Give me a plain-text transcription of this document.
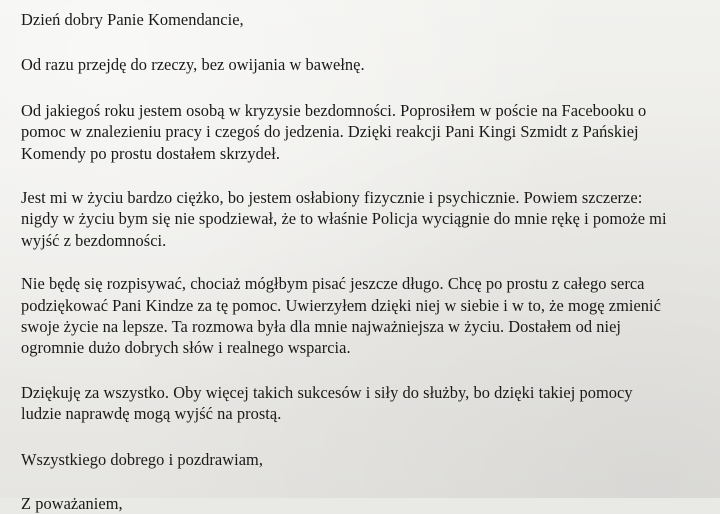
Dzień dobry Panie Komendancie,

Od razu przejdę do rzeczy, bez owijania w bawełnę.

Od jakiegoś roku jestem osobą w kryzysie bezdomności. Poprosiłem w poście na Facebooku o
pomoc w znalezieniu pracy i czegoś do jedzenia. Dzięki reakcji Pani Kingi Szmidt z Pańskiej
Komendy po prostu dostałem skrzydeł.
Jest mi w życiu bardzo ciężko, bo jestem osłabiony fizycznie i psychicznie. Powiem szczerze:
nigdy w życiu bym się nie spodziewał, że to właśnie Policja wyciągnie do mnie rękę i pomoże mi
wyjść z bezdomności.
Nie będę się rozpisywać, chociaż mógłbym pisać jeszcze długo. Chcę po prostu z całego serca
podziękować Pani Kindze za tę pomoc. Uwierzyłem dzięki niej w siebie i w to, że mogę zmienić
swoje życie na lepsze. Ta rozmowa była dla mnie najważniejsza w życiu. Dostałem od niej
ogromnie dużo dobrych słów i realnego wsparcia.
Dziękuję za wszystko. Oby więcej takich sukcesów i siły do służby, bo dzięki takiej pomocy
ludzie naprawdę mogą wyjść na prostą.

Wszystkiego dobrego i pozdrawiam,

Z poważaniem,
